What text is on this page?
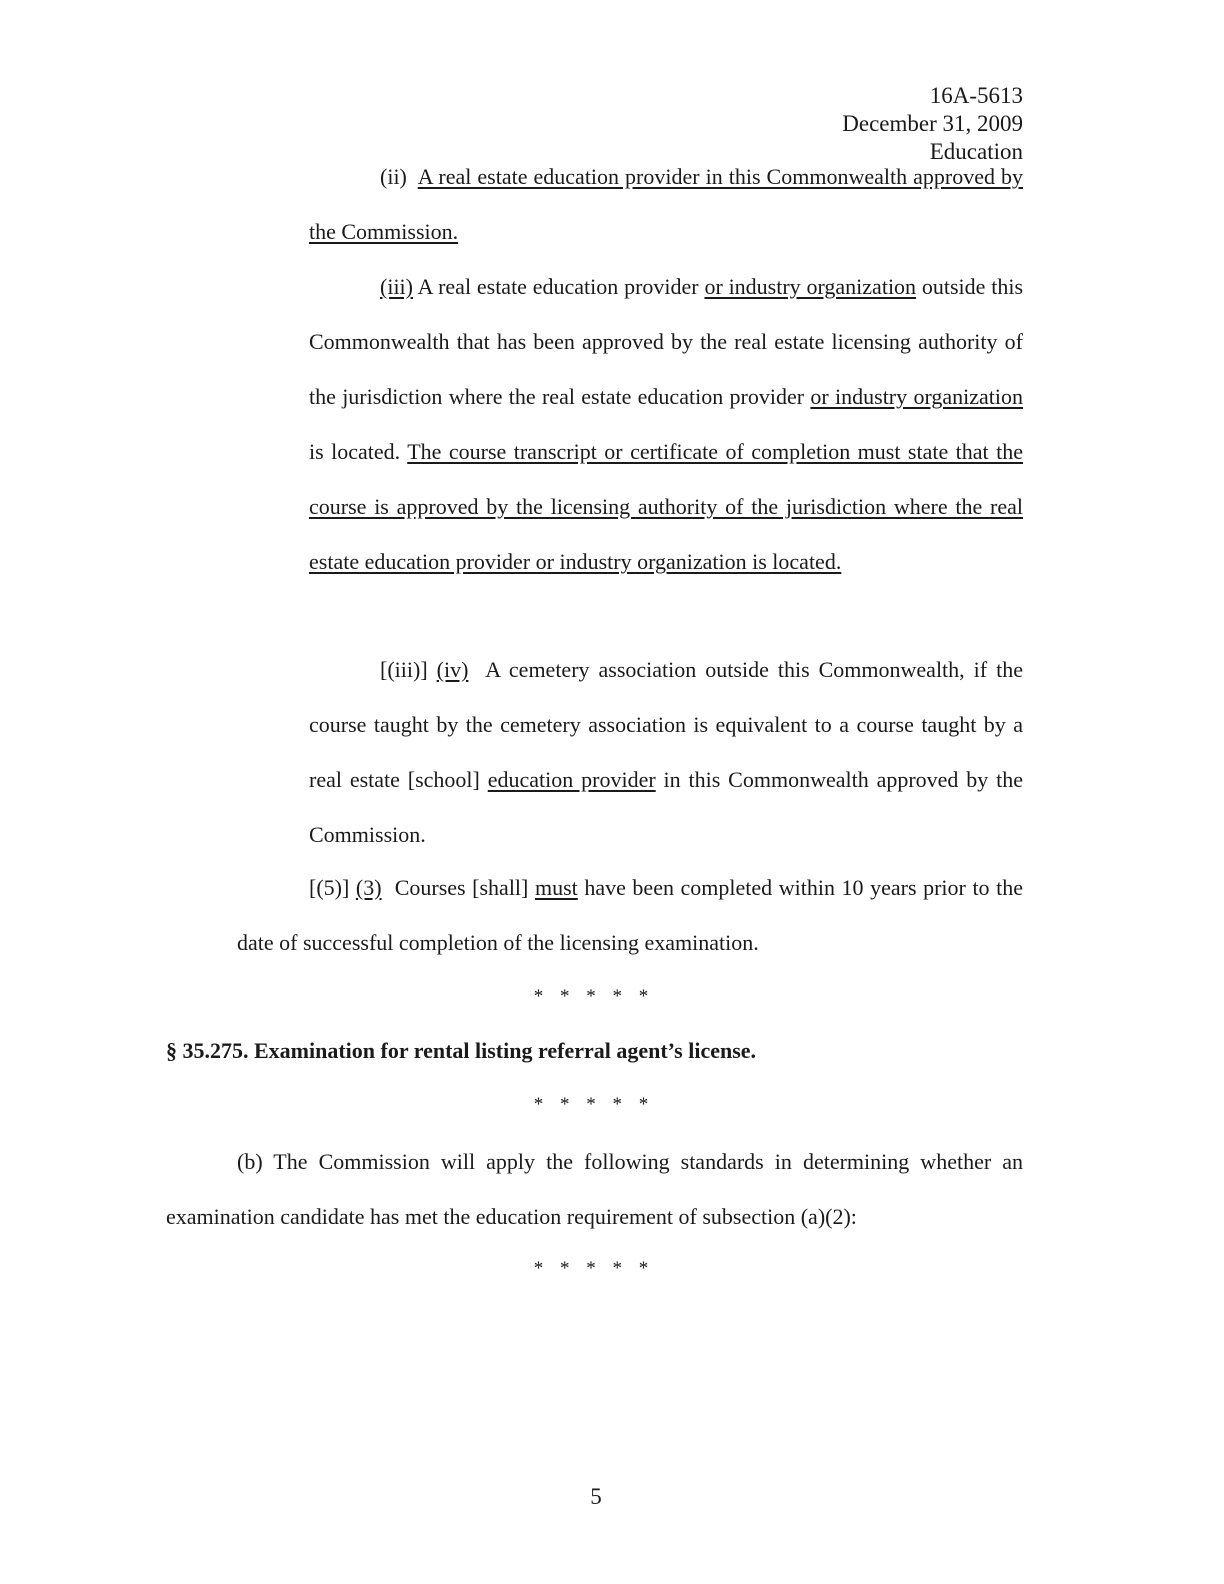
16A-5613
December 31, 2009
Education

(ii) A real estate education provider in this Commonwealth approved by the Commission.

(iii) A real estate education provider or industry organization outside this Commonwealth that has been approved by the real estate licensing authority of the jurisdiction where the real estate education provider or industry organization is located. The course transcript or certificate of completion must state that the course is approved by the licensing authority of the jurisdiction where the real estate education provider or industry organization is located.

[(iii)] (iv) A cemetery association outside this Commonwealth, if the course taught by the cemetery association is equivalent to a course taught by a real estate [school] education provider in this Commonwealth approved by the Commission.

[(5)] (3) Courses [shall] must have been completed within 10 years prior to the date of successful completion of the licensing examination.

* * * * *
§ 35.275. Examination for rental listing referral agent’s license.
* * * * *

(b) The Commission will apply the following standards in determining whether an examination candidate has met the education requirement of subsection (a)(2):

* * * * *
5
